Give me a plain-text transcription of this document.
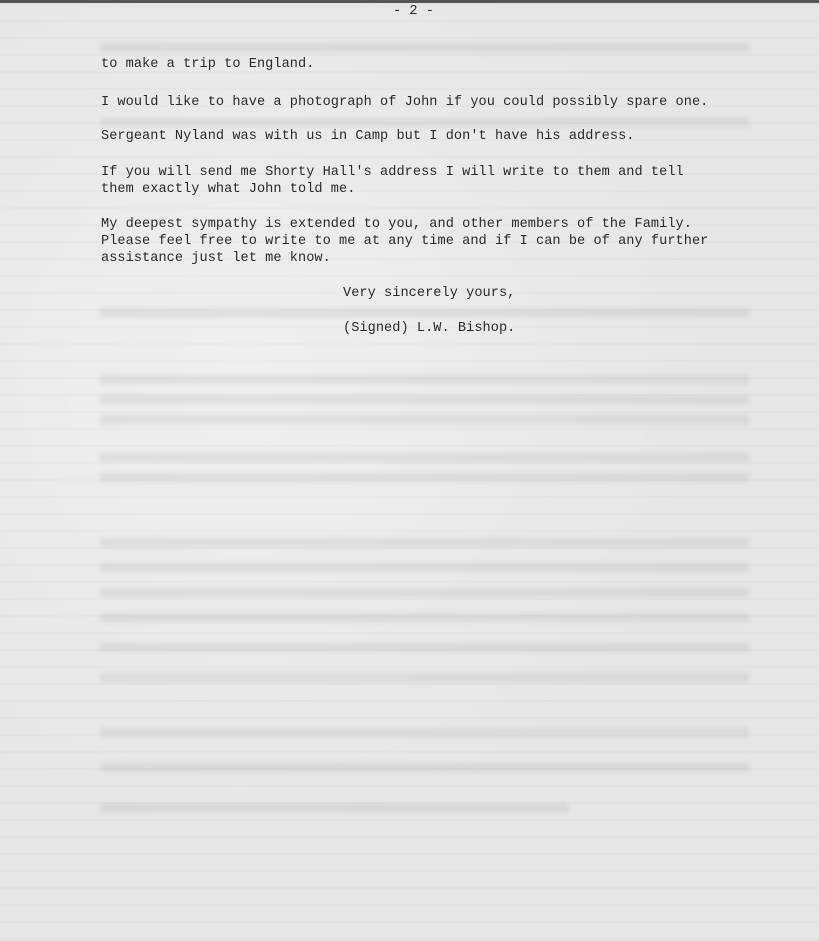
- 2 -
to make a trip to England.
I would like to have a photograph of John if you could possibly spare one.
Sergeant Nyland was with us in Camp but I don't have his address.
If you will send me Shorty Hall's address I will write to them and tell
them exactly what John told me.
My deepest sympathy is extended to you, and other members of the Family.
Please feel free to write to me at any time and if I can be of any further
assistance just let me know.
Very sincerely yours,
(Signed) L.W. Bishop.
